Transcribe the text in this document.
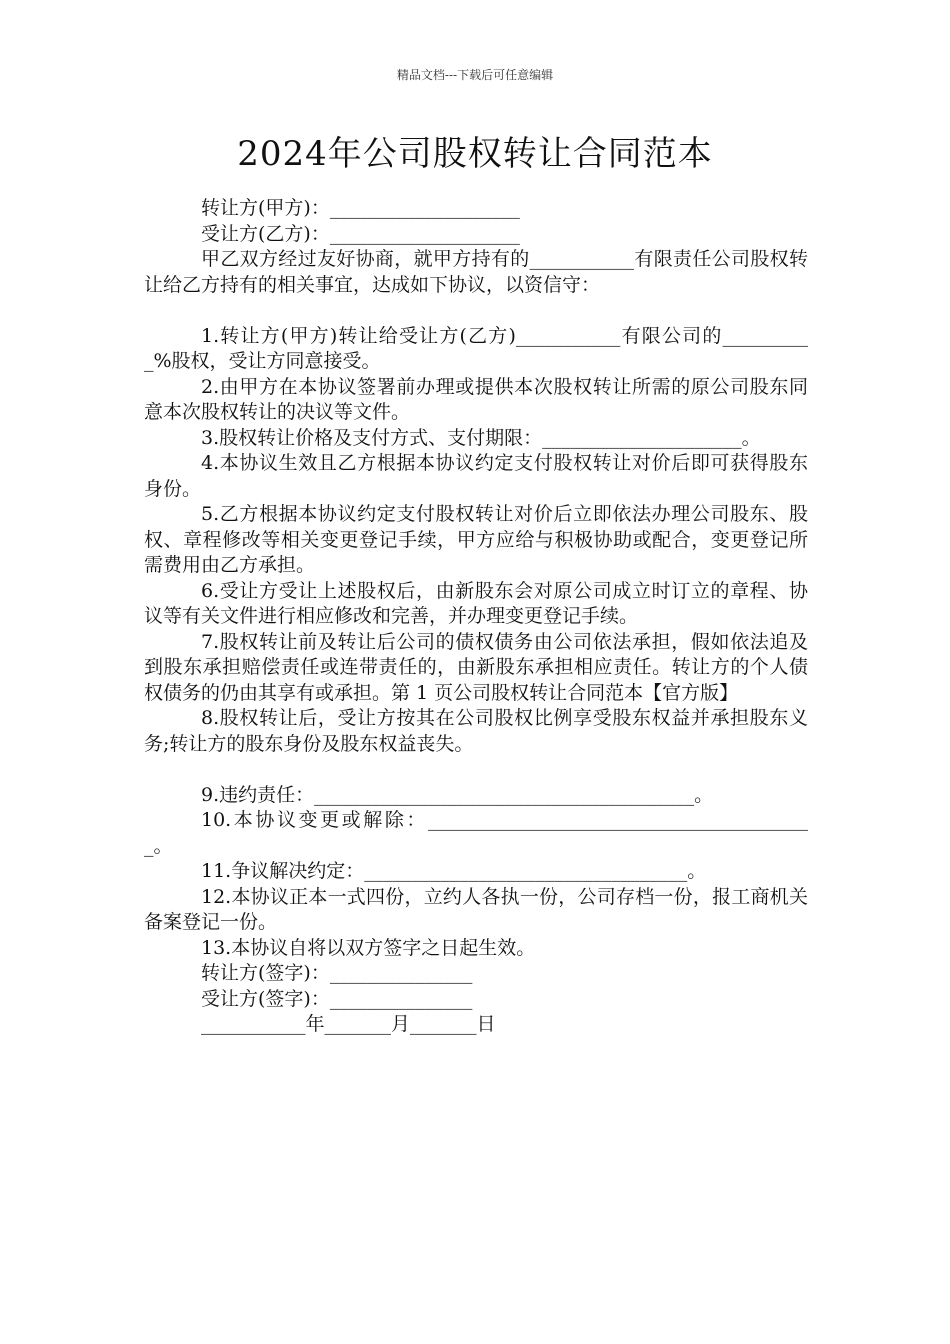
精品文档---下载后可任意编辑
2024年公司股权转让合同范本

转让方(甲方)：____________________

受让方(乙方)：____________________

甲乙双方经过友好协商，就甲方持有的___________有限责任公司股权转让给乙方持有的相关事宜，达成如下协议，以资信守：

1.转让方(甲方)转让给受让方(乙方)___________有限公司的__________%股权，受让方同意接受。

2.由甲方在本协议签署前办理或提供本次股权转让所需的原公司股东同意本次股权转让的决议等文件。

3.股权转让价格及支付方式、支付期限：_____________________。

4.本协议生效且乙方根据本协议约定支付股权转让对价后即可获得股东身份。

5.乙方根据本协议约定支付股权转让对价后立即依法办理公司股东、股权、章程修改等相关变更登记手续，甲方应给与积极协助或配合，变更登记所需费用由乙方承担。

6.受让方受让上述股权后，由新股东会对原公司成立时订立的章程、协议等有关文件进行相应修改和完善，并办理变更登记手续。

7.股权转让前及转让后公司的债权债务由公司依法承担，假如依法追及到股东承担赔偿责任或连带责任的，由新股东承担相应责任。转让方的个人债权债务的仍由其享有或承担。第 1 页公司股权转让合同范本【官方版】

8.股权转让后，受让方按其在公司股权比例享受股东权益并承担股东义务;转让方的股东身份及股东权益丧失。

9.违约责任：________________________________________。

10.本协议变更或解除：_________________________________________。

11.争议解决约定：__________________________________。

12.本协议正本一式四份，立约人各执一份，公司存档一份，报工商机关备案登记一份。

13.本协议自将以双方签字之日起生效。

转让方(签字)：_______________

受让方(签字)：_______________

___________年_______月_______日
